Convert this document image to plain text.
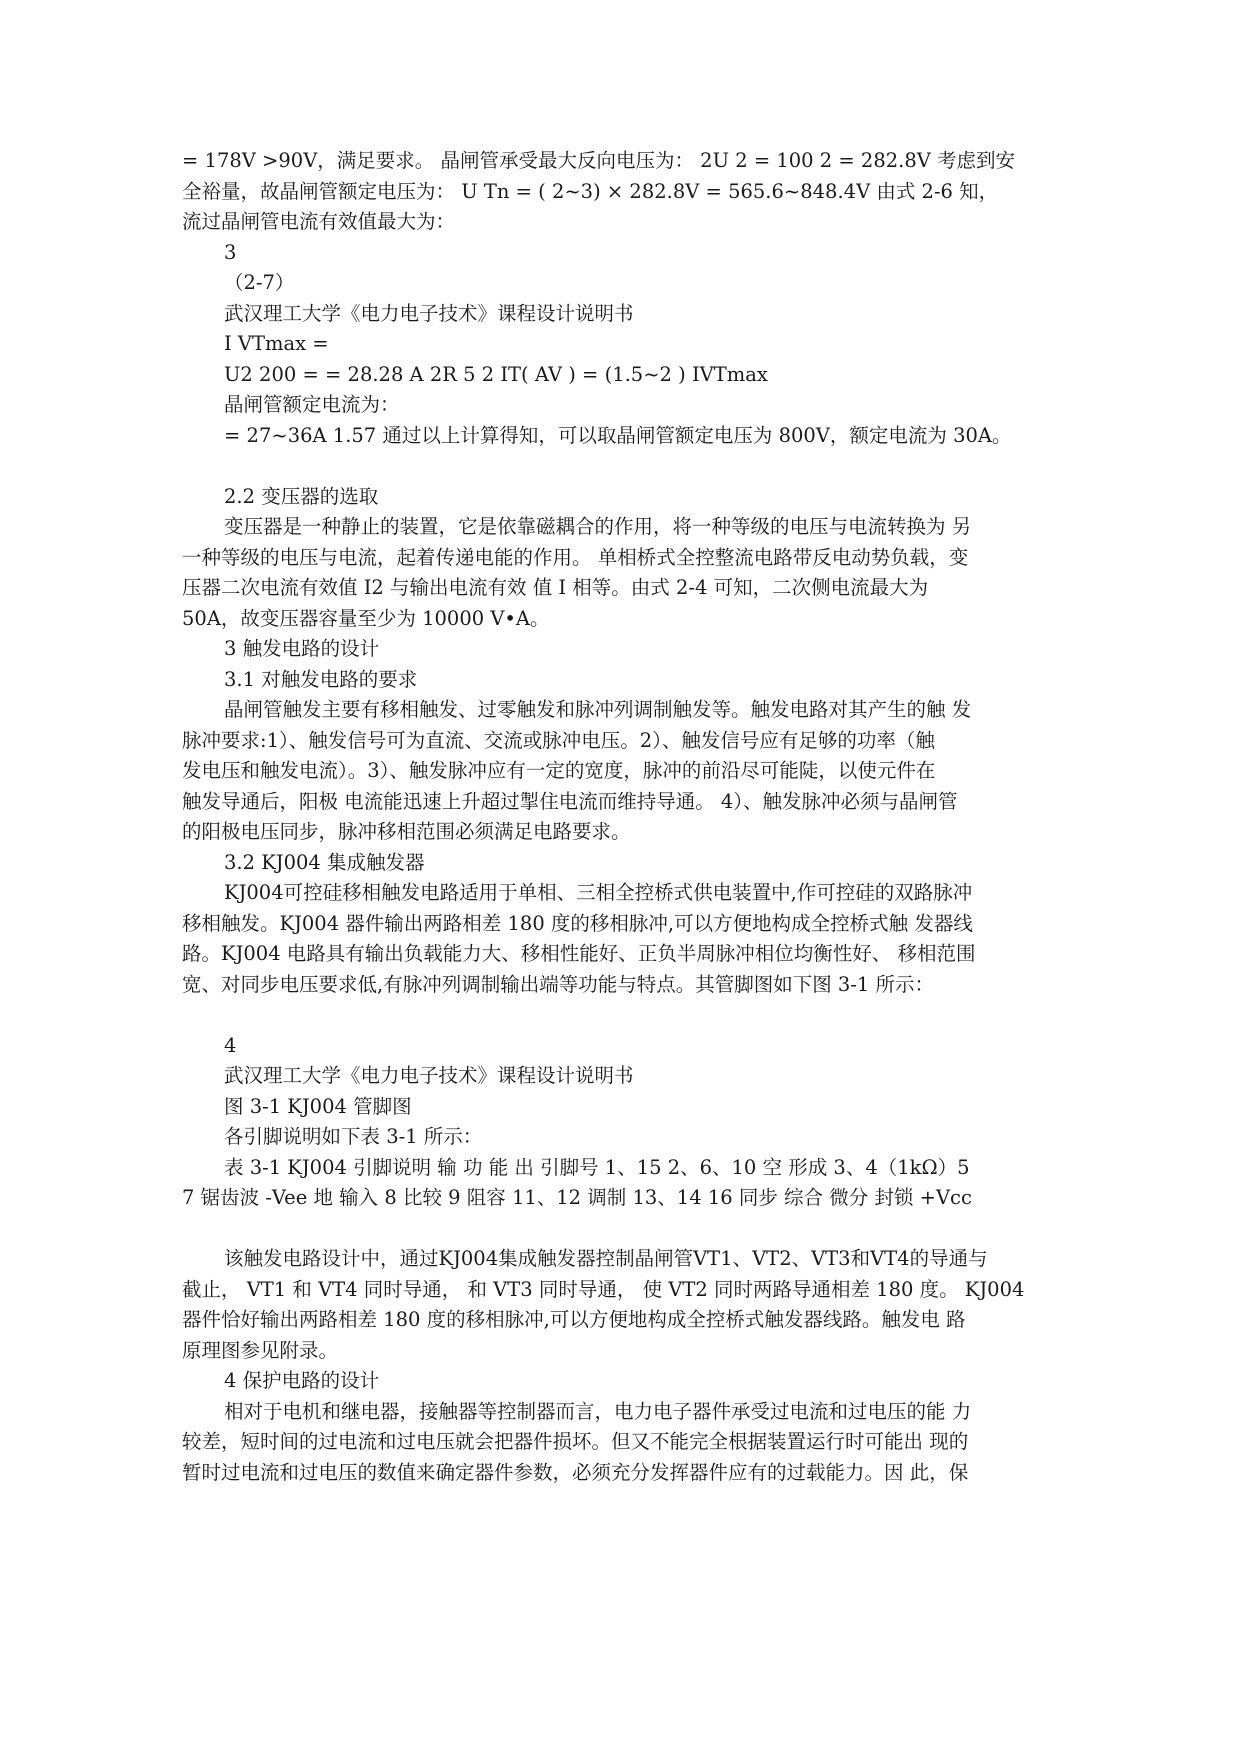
= 178V >90V，满足要求。 晶闸管承受最大反向电压为： 2U 2 = 100 2 = 282.8V 考虑到安
全裕量，故晶闸管额定电压为： U Tn = ( 2~3) × 282.8V = 565.6~848.4V 由式 2-6 知，
流过晶闸管电流有效值最大为：
3
（2-7）
武汉理工大学《电力电子技术》课程设计说明书
I VTmax =
U2 200 = = 28.28 A 2R 5 2 IT( AV ) = (1.5~2 ) IVTmax
晶闸管额定电流为：
= 27~36A 1.57 通过以上计算得知，可以取晶闸管额定电压为 800V，额定电流为 30A。
2.2 变压器的选取
变压器是一种静止的装置，它是依靠磁耦合的作用，将一种等级的电压与电流转换为 另
一种等级的电压与电流，起着传递电能的作用。 单相桥式全控整流电路带反电动势负载，变
压器二次电流有效值 I2 与输出电流有效 值 I 相等。由式 2-4 可知，二次侧电流最大为
50A，故变压器容量至少为 10000 V•A。
3 触发电路的设计
3.1 对触发电路的要求
晶闸管触发主要有移相触发、过零触发和脉冲列调制触发等。触发电路对其产生的触 发
脉冲要求:1）、触发信号可为直流、交流或脉冲电压。2）、触发信号应有足够的功率（触
发电压和触发电流）。3）、触发脉冲应有一定的宽度，脉冲的前沿尽可能陡，以使元件在
触发导通后，阳极 电流能迅速上升超过掣住电流而维持导通。 4）、触发脉冲必须与晶闸管
的阳极电压同步，脉冲移相范围必须满足电路要求。
3.2 KJ004 集成触发器
KJ004可控硅移相触发电路适用于单相、三相全控桥式供电装置中,作可控硅的双路脉冲
移相触发。KJ004 器件输出两路相差 180 度的移相脉冲,可以方便地构成全控桥式触 发器线
路。KJ004 电路具有输出负载能力大、移相性能好、正负半周脉冲相位均衡性好、 移相范围
宽、对同步电压要求低,有脉冲列调制输出端等功能与特点。其管脚图如下图 3-1 所示：
4
武汉理工大学《电力电子技术》课程设计说明书
图 3-1 KJ004 管脚图
各引脚说明如下表 3-1 所示：
表 3-1 KJ004 引脚说明 输 功 能 出 引脚号 1、15 2、6、10 空 形成 3、4（1kΩ）5
7 锯齿波 -Vee 地 输入 8 比较 9 阻容 11、12 调制 13、14 16 同步 综合 微分 封锁 +Vcc
该触发电路设计中，通过KJ004集成触发器控制晶闸管VT1、VT2、VT3和VT4的导通与
截止， VT1 和 VT4 同时导通， 和 VT3 同时导通， 使 VT2 同时两路导通相差 180 度。 KJ004
器件恰好输出两路相差 180 度的移相脉冲,可以方便地构成全控桥式触发器线路。触发电 路
原理图参见附录。
4 保护电路的设计
相对于电机和继电器，接触器等控制器而言，电力电子器件承受过电流和过电压的能 力
较差，短时间的过电流和过电压就会把器件损坏。但又不能完全根据装置运行时可能出 现的
暂时过电流和过电压的数值来确定器件参数，必须充分发挥器件应有的过载能力。因 此，保
